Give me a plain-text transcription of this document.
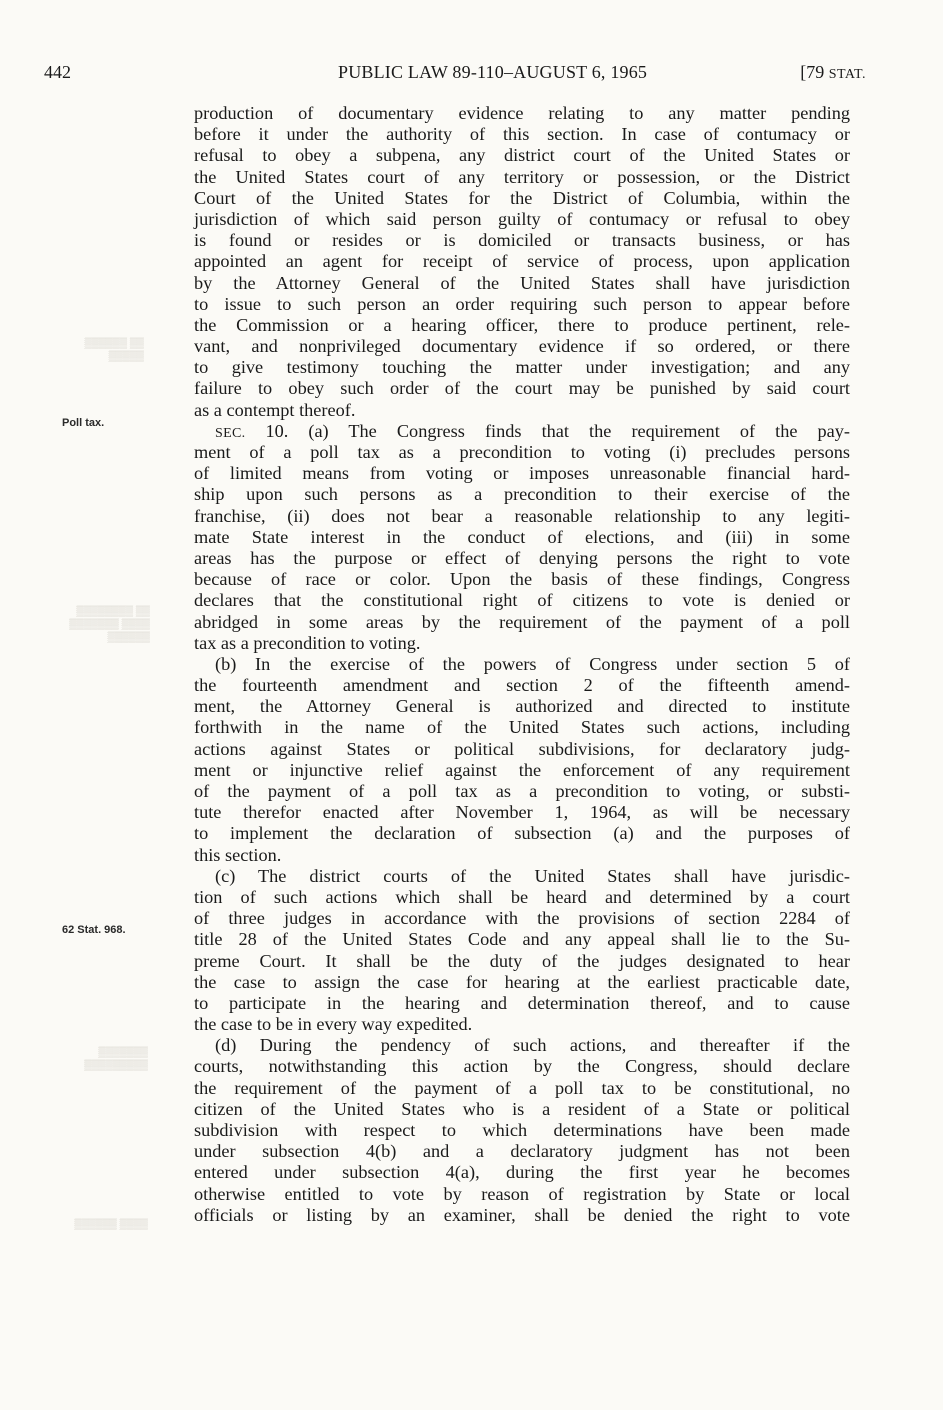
▒▒▒▒▒▒ ▒▒
▒▒▒▒▒
▒▒▒▒▒▒▒▒ ▒▒
▒▒▒▒▒▒▒ ▒▒▒▒
▒▒▒▒▒▒
▒▒▒▒▒▒▒
▒▒▒▒▒▒▒▒▒
▒▒▒▒▒▒ ▒▒▒▒
442	PUBLIC LAW 89-110–AUGUST 6, 1965	[79 STAT.
Poll tax.
62 Stat. 968.
production of documentary evidence relating to any matter pending
before it under the authority of this section. In case of contumacy or
refusal to obey a subpena, any district court of the United States or
the United States court of any territory or possession, or the District
Court of the United States for the District of Columbia, within the
jurisdiction of which said person guilty of contumacy or refusal to obey
is found or resides or is domiciled or transacts business, or has
appointed an agent for receipt of service of process, upon application
by the Attorney General of the United States shall have jurisdiction
to issue to such person an order requiring such person to appear before
the Commission or a hearing officer, there to produce pertinent, rele-
vant, and nonprivileged documentary evidence if so ordered, or there
to give testimony touching the matter under investigation; and any
failure to obey such order of the court may be punished by said court
as a contempt thereof.
SEC. 10. (a) The Congress finds that the requirement of the pay-
ment of a poll tax as a precondition to voting (i) precludes persons
of limited means from voting or imposes unreasonable financial hard-
ship upon such persons as a precondition to their exercise of the
franchise, (ii) does not bear a reasonable relationship to any legiti-
mate State interest in the conduct of elections, and (iii) in some
areas has the purpose or effect of denying persons the right to vote
because of race or color. Upon the basis of these findings, Congress
declares that the constitutional right of citizens to vote is denied or
abridged in some areas by the requirement of the payment of a poll
tax as a precondition to voting.
(b) In the exercise of the powers of Congress under section 5 of
the fourteenth amendment and section 2 of the fifteenth amend-
ment, the Attorney General is authorized and directed to institute
forthwith in the name of the United States such actions, including
actions against States or political subdivisions, for declaratory judg-
ment or injunctive relief against the enforcement of any requirement
of the payment of a poll tax as a precondition to voting, or substi-
tute therefor enacted after November 1, 1964, as will be necessary
to implement the declaration of subsection (a) and the purposes of
this section.
(c) The district courts of the United States shall have jurisdic-
tion of such actions which shall be heard and determined by a court
of three judges in accordance with the provisions of section 2284 of
title 28 of the United States Code and any appeal shall lie to the Su-
preme Court. It shall be the duty of the judges designated to hear
the case to assign the case for hearing at the earliest practicable date,
to participate in the hearing and determination thereof, and to cause
the case to be in every way expedited.
(d) During the pendency of such actions, and thereafter if the
courts, notwithstanding this action by the Congress, should declare
the requirement of the payment of a poll tax to be constitutional, no
citizen of the United States who is a resident of a State or political
subdivision with respect to which determinations have been made
under subsection 4(b) and a declaratory judgment has not been
entered under subsection 4(a), during the first year he becomes
otherwise entitled to vote by reason of registration by State or local
officials or listing by an examiner, shall be denied the right to vote
